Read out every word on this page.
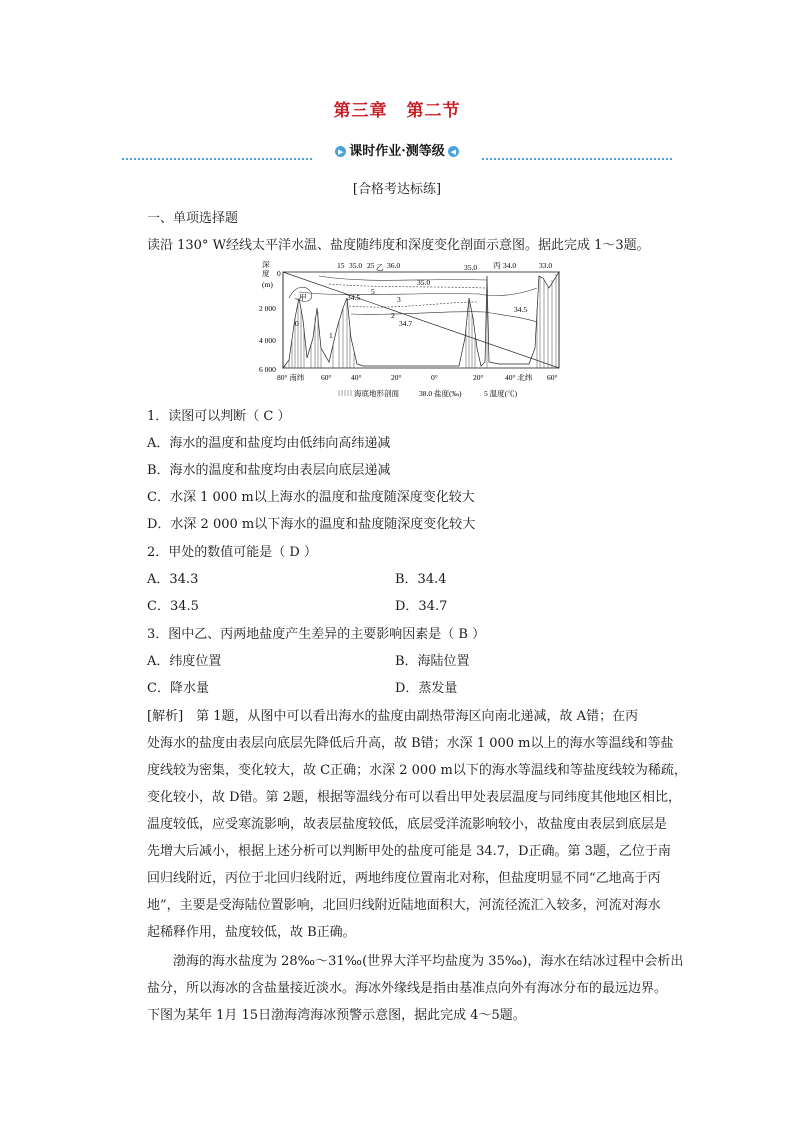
第三章 第二节
▶ 课时作业·测等级 ◀
[合格考达标练]
一、单项选择题
读沿 130° W经线太平洋水温、盐度随纬度和深度变化剖面示意图。据此完成 1～3题。
深
度
(m)
0
2 000
4 000
6 000
15 35.0 25 乙 36.0	35.0 丙 34.0	33.0
35.0
5
34.5	3
2
34.7
34.5
甲
0
1
80° 南纬 60°	40°	20°	0°	20°	40° 北纬 60°
海底地形剖面	38.0 盐度(‰)	5 温度(℃)
1．读图可以判断（ C ）
A．海水的温度和盐度均由低纬向高纬递减
B．海水的温度和盐度均由表层向底层递减
C．水深 1 000 m以上海水的温度和盐度随深度变化较大
D．水深 2 000 m以下海水的温度和盐度随深度变化较大
2．甲处的数值可能是（ D ）
A．34.3	B．34.4
C．34.5	D．34.7
3．图中乙、丙两地盐度产生差异的主要影响因素是（ B ）
A．纬度位置	B．海陆位置
C．降水量	D．蒸发量
[解析]　第 1题，从图中可以看出海水的盐度由副热带海区向南北递减，故 A错；在丙
处海水的盐度由表层向底层先降低后升高，故 B错；水深 1 000 m以上的海水等温线和等盐
度线较为密集，变化较大，故 C正确；水深 2 000 m以下的海水等温线和等盐度线较为稀疏，
变化较小，故 D错。第 2题，根据等温线分布可以看出甲处表层温度与同纬度其他地区相比，
温度较低，应受寒流影响，故表层盐度较低，底层受洋流影响较小，故盐度由表层到底层是
先增大后减小，根据上述分析可以判断甲处的盐度可能是 34.7，D正确。第 3题，乙位于南
回归线附近，丙位于北回归线附近，两地纬度位置南北对称，但盐度明显不同“乙地高于丙
地”，主要是受海陆位置影响，北回归线附近陆地面积大，河流径流汇入较多，河流对海水
起稀释作用，盐度较低，故 B正确。
渤海的海水盐度为 28‰～31‰(世界大洋平均盐度为 35‰)，海水在结冰过程中会析出
盐分，所以海冰的含盐量接近淡水。海冰外缘线是指由基准点向外有海冰分布的最远边界。
下图为某年 1月 15日渤海湾海冰预警示意图，据此完成 4～5题。
